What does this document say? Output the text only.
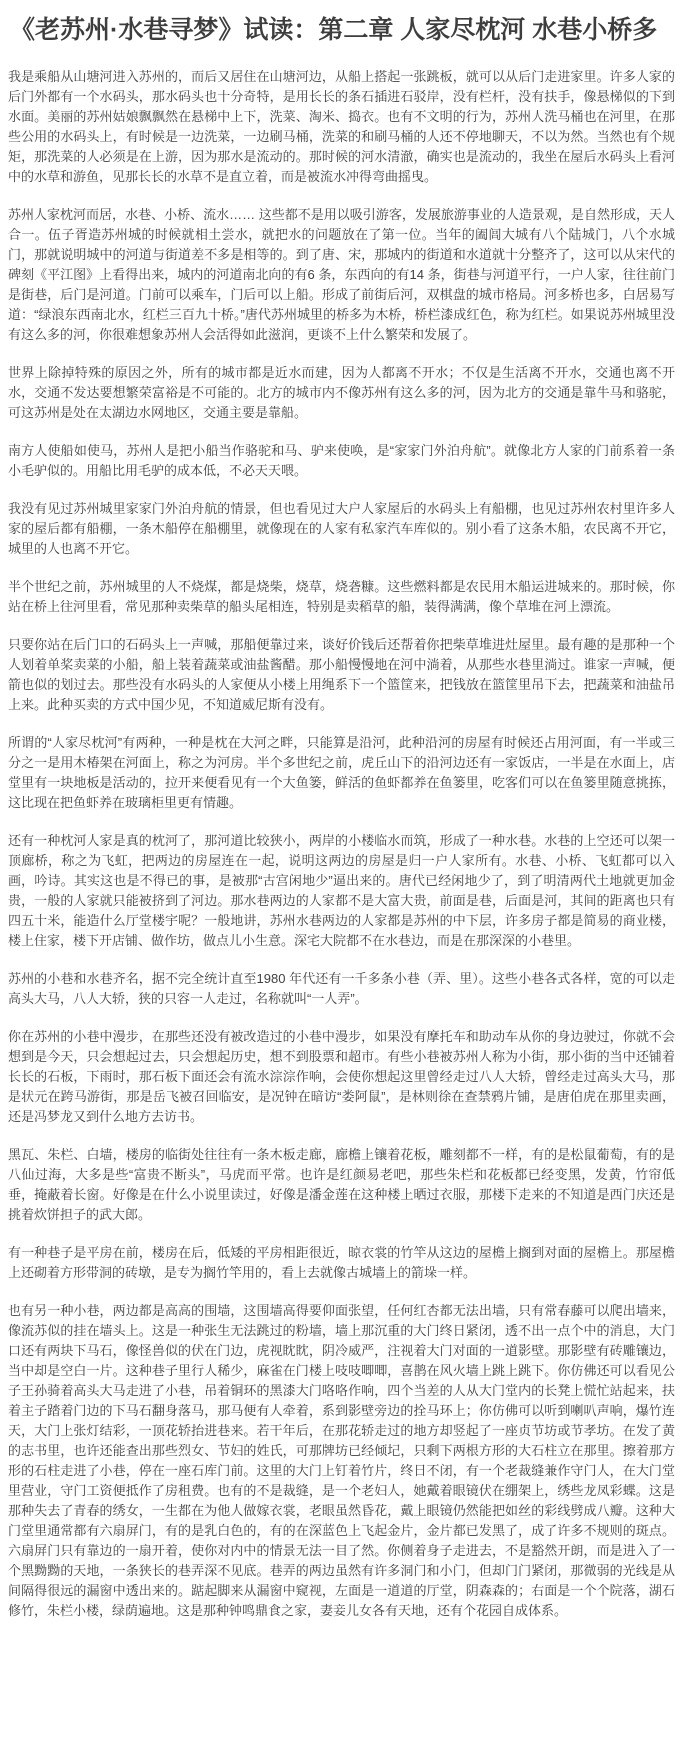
《老苏州·水巷寻梦》试读：第二章 人家尽枕河 水巷小桥多

我是乘船从山塘河进入苏州的，而后又居住在山塘河边，从船上搭起一张跳板，就可以从后门走进家里。许多人家的后门外都有一个水码头，那水码头也十分奇特，是用长长的条石插进石驳岸，没有栏杆，没有扶手，像悬梯似的下到水面。美丽的苏州姑娘飘飘然在悬梯中上下，洗菜、淘米、捣衣。也有不文明的行为，苏州人洗马桶也在河里，在那些公用的水码头上，有时候是一边洗菜，一边刷马桶，洗菜的和刷马桶的人还不停地聊天，不以为然。当然也有个规矩，那洗菜的人必须是在上游，因为那水是流动的。那时候的河水清澈，确实也是流动的，我坐在屋后水码头上看河中的水草和游鱼，见那长长的水草不是直立着，而是被流水冲得弯曲摇曳。

苏州人家枕河而居，水巷、小桥、流水…… 这些都不是用以吸引游客，发展旅游事业的人造景观，是自然形成，天人合一。伍子胥造苏州城的时候就相土尝水，就把水的问题放在了第一位。当年的阖闾大城有八个陆城门，八个水城门，那就说明城中的河道与街道差不多是相等的。到了唐、宋，那城内的街道和水道就十分整齐了，这可以从宋代的碑刻《平江图》上看得出来，城内的河道南北向的有6 条，东西向的有14 条，街巷与河道平行，一户人家，往往前门是街巷，后门是河道。门前可以乘车，门后可以上船。形成了前街后河，双棋盘的城市格局。河多桥也多，白居易写道：“绿浪东西南北水，红栏三百九十桥。”唐代苏州城里的桥多为木桥，桥栏漆成红色，称为红栏。如果说苏州城里没有这么多的河，你很难想象苏州人会活得如此滋润，更谈不上什么繁荣和发展了。

世界上除掉特殊的原因之外，所有的城市都是近水而建，因为人都离不开水；不仅是生活离不开水，交通也离不开水，交通不发达要想繁荣富裕是不可能的。北方的城市内不像苏州有这么多的河，因为北方的交通是靠牛马和骆驼，可这苏州是处在太湖边水网地区，交通主要是靠船。

南方人使船如使马，苏州人是把小船当作骆驼和马、驴来使唤，是“家家门外泊舟航”。就像北方人家的门前系着一条小毛驴似的。用船比用毛驴的成本低，不必天天喂。

我没有见过苏州城里家家门外泊舟航的情景，但也看见过大户人家屋后的水码头上有船棚，也见过苏州农村里许多人家的屋后都有船棚，一条木船停在船棚里，就像现在的人家有私家汽车库似的。别小看了这条木船，农民离不开它，城里的人也离不开它。

半个世纪之前，苏州城里的人不烧煤，都是烧柴，烧草，烧砻糠。这些燃料都是农民用木船运进城来的。那时候，你站在桥上往河里看，常见那种卖柴草的船头尾相连，特别是卖稻草的船，装得满满，像个草堆在河上漂流。

只要你站在后门口的石码头上一声喊，那船便靠过来，谈好价钱后还帮着你把柴草堆进灶屋里。最有趣的是那种一个人划着单桨卖菜的小船，船上装着蔬菜或油盐酱醋。那小船慢慢地在河中淌着，从那些水巷里淌过。谁家一声喊，便箭也似的划过去。那些没有水码头的人家便从小楼上用绳系下一个篮筐来，把钱放在篮筐里吊下去，把蔬菜和油盐吊上来。此种买卖的方式中国少见，不知道威尼斯有没有。

所谓的“人家尽枕河”有两种，一种是枕在大河之畔，只能算是沿河，此种沿河的房屋有时候还占用河面，有一半或三分之一是用木椿架在河面上，称之为河房。半个多世纪之前，虎丘山下的沿河边还有一家饭店，一半是在水面上，店堂里有一块地板是活动的，拉开来便看见有一个大鱼篓，鲜活的鱼虾都养在鱼篓里，吃客们可以在鱼篓里随意挑拣，这比现在把鱼虾养在玻璃柜里更有情趣。

还有一种枕河人家是真的枕河了，那河道比较狭小，两岸的小楼临水而筑，形成了一种水巷。水巷的上空还可以架一顶廊桥，称之为飞虹，把两边的房屋连在一起，说明这两边的房屋是归一户人家所有。水巷、小桥、飞虹都可以入画，吟诗。其实这也是不得已的事，是被那“古宫闲地少”逼出来的。唐代已经闲地少了，到了明清两代土地就更加金贵，一般的人家就只能被挤到了河边。那水巷两边的人家都不是大富大贵，前面是巷，后面是河，其间的距离也只有四五十米，能造什么厅堂楼宇呢？一般地讲，苏州水巷两边的人家都是苏州的中下层，许多房子都是简易的商业楼，楼上住家，楼下开店铺、做作坊，做点儿小生意。深宅大院都不在水巷边，而是在那深深的小巷里。

苏州的小巷和水巷齐名，据不完全统计直至1980 年代还有一千多条小巷（弄、里）。这些小巷各式各样，宽的可以走高头大马，八人大轿，狭的只容一人走过，名称就叫“一人弄”。

你在苏州的小巷中漫步，在那些还没有被改造过的小巷中漫步，如果没有摩托车和助动车从你的身边驶过，你就不会想到是今天，只会想起过去，只会想起历史，想不到股票和超市。有些小巷被苏州人称为小街，那小街的当中还铺着长长的石板，下雨时，那石板下面还会有流水淙淙作响，会使你想起这里曾经走过八人大轿，曾经走过高头大马，那是状元在跨马游街，那是岳飞被召回临安，是况钟在暗访“娄阿鼠”，是林则徐在查禁鸦片铺，是唐伯虎在那里卖画，还是冯梦龙又到什么地方去访书。

黑瓦、朱栏、白墙，楼房的临街处往往有一条木板走廊，廊檐上镶着花板，雕刻都不一样，有的是松鼠葡萄，有的是八仙过海，大多是些“富贵不断头”，马虎而平常。也许是红颜易老吧，那些朱栏和花板都已经变黑，发黄，竹帘低垂，掩蔽着长窗。好像是在什么小说里读过，好像是潘金莲在这种楼上晒过衣服，那楼下走来的不知道是西门庆还是挑着炊饼担子的武大郎。

有一种巷子是平房在前，楼房在后，低矮的平房相距很近，晾衣裳的竹竿从这边的屋檐上搁到对面的屋檐上。那屋檐上还砌着方形带洞的砖墩，是专为搁竹竿用的，看上去就像古城墙上的箭垛一样。

也有另一种小巷，两边都是高高的围墙，这围墙高得要仰面张望，任何红杏都无法出墙，只有常春藤可以爬出墙来，像流苏似的挂在墙头上。这是一种张生无法跳过的粉墙，墙上那沉重的大门终日紧闭，透不出一点个中的消息，大门口还有两块下马石，像怪兽似的伏在门边，虎视眈眈，阴冷威严，注视着大门对面的一道影壁。那影壁有砖雕镶边，当中却是空白一片。这种巷子里行人稀少，麻雀在门楼上吱吱唧唧，喜鹊在风火墙上跳上跳下。你仿佛还可以看见公子王孙骑着高头大马走进了小巷，吊着铜环的黑漆大门咯咯作响，四个当差的人从大门堂内的长凳上慌忙站起来，扶着主子踏着门边的下马石翻身落马，那马便有人牵着，系到影壁旁边的拴马环上；你仿佛可以听到喇叭声响，爆竹连天，大门上张灯结彩，一顶花轿抬进巷来。若干年后，在那花轿走过的地方却竖起了一座贞节坊或节孝坊。在发了黄的志书里，也许还能查出那些烈女、节妇的姓氏，可那牌坊已经倾圮，只剩下两根方形的大石柱立在那里。擦着那方形的石柱走进了小巷，停在一座石库门前。这里的大门上钉着竹片，终日不闭，有一个老裁缝兼作守门人，在大门堂里营业，守门工资便抵作了房租费。也有的不是裁缝，是一个老妇人，她戴着眼镜伏在绷架上，绣些龙凤彩蝶。这是那种失去了青春的绣女，一生都在为他人做嫁衣裳，老眼虽然昏花，戴上眼镜仍然能把如丝的彩线劈成八瓣。这种大门堂里通常都有六扇屏门，有的是乳白色的，有的在深蓝色上飞起金片，金片都已发黑了，成了许多不规则的斑点。六扇屏门只有靠边的一扇开着，使你对内中的情景无法一目了然。你侧着身子走进去，不是豁然开朗，而是进入了一个黑黝黝的天地，一条狭长的巷弄深不见底。巷弄的两边虽然有许多洞门和小门，但却门门紧闭，那微弱的光线是从间隔得很远的漏窗中透出来的。踮起脚来从漏窗中窥视，左面是一道道的厅堂，阴森森的；右面是一个个院落，湖石修竹，朱栏小楼，绿荫遍地。这是那种钟鸣鼎食之家，妻妾儿女各有天地，还有个花园自成体系。
